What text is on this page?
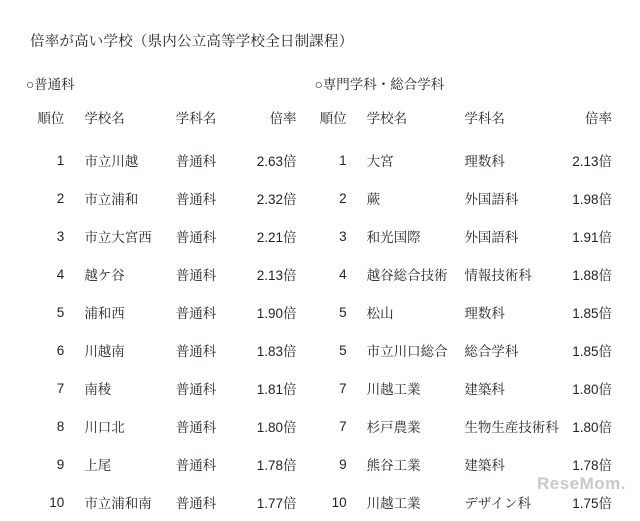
倍率が高い学校（県内公立高等学校全日制課程）
○普通科
順位	学校名	学科名	倍率
1	市立川越	普通科	2.63倍
2	市立浦和	普通科	2.32倍
3	市立大宮西	普通科	2.21倍
4	越ケ谷	普通科	2.13倍
5	浦和西	普通科	1.90倍
6	川越南	普通科	1.83倍
7	南稜	普通科	1.81倍
8	川口北	普通科	1.80倍
9	上尾	普通科	1.78倍
10	市立浦和南	普通科	1.77倍
○専門学科・総合学科
順位	学校名	学科名	倍率
1	大宮	理数科	2.13倍
2	蕨	外国語科	1.98倍
3	和光国際	外国語科	1.91倍
4	越谷総合技術	情報技術科	1.88倍
5	松山	理数科	1.85倍
5	市立川口総合	総合学科	1.85倍
7	川越工業	建築科	1.80倍
7	杉戸農業	生物生産技術科	1.80倍
9	熊谷工業	建築科	1.78倍
10	川越工業	デザイン科	1.75倍
ReseMom.
